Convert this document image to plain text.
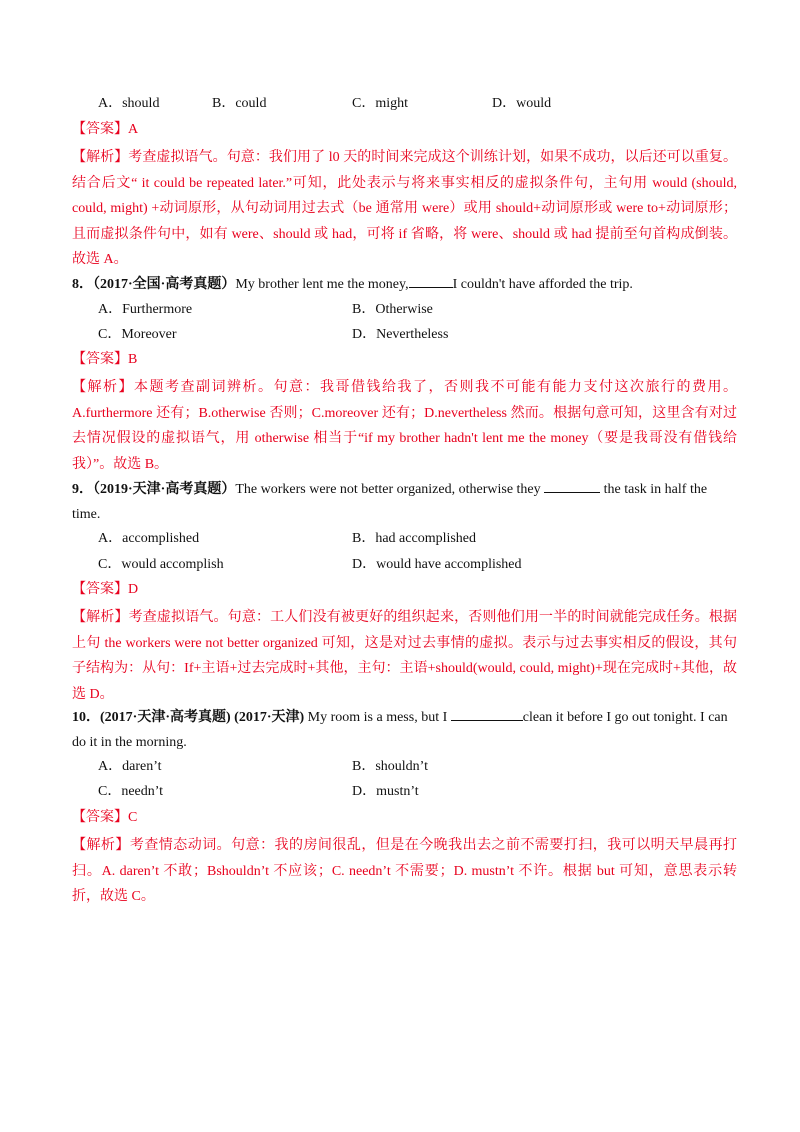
A．should	B．could	C．might	D．would
【答案】A
【解析】考查虚拟语气。句意：我们用了 l0 天的时间来完成这个训练计划，如果不成功，以后还可以重复。结合后文“ it could be repeated later.”可知，此处表示与将来事实相反的虚拟条件句，主句用 would (should, could, might) +动词原形，从句动词用过去式（be 通常用 were）或用 should+动词原形或 were to+动词原形；且而虚拟条件句中，如有 were、should 或 had，可将 if 省略，将 were、should 或 had 提前至句首构成倒装。故选 A。
8．（2017·全国·高考真题）My brother lent me the money,	I couldn't have afforded the trip.
A．Furthermore	B．Otherwise
C．Moreover	D．Nevertheless
【答案】B
【解析】本题考查副词辨析。句意：我哥借钱给我了，否则我不可能有能力支付这次旅行的费用。A.furthermore 还有；B.otherwise 否则；C.moreover 还有；D.nevertheless 然而。根据句意可知，这里含有对过去情况假设的虚拟语气，用 otherwise 相当于“if my brother hadn't lent me the money（要是我哥没有借钱给我）”。故选 B。
9．（2019·天津·高考真题）The workers were not better organized, otherwise they	the task in half the time.
A．accomplished	B．had accomplished
C．would accomplish	D．would have accomplished
【答案】D
【解析】考查虚拟语气。句意：工人们没有被更好的组织起来，否则他们用一半的时间就能完成任务。根据上句 the workers were not better organized 可知，这是对过去事情的虚拟。表示与过去事实相反的假设，其句子结构为：从句：If+主语+过去完成时+其他，主句：主语+should(would, could, might)+现在完成时+其他，故选 D。
10．(2017·天津·高考真题) (2017·天津) My room is a mess, but I	clean it before I go out tonight. I can do it in the morning.
A．daren’t	B．shouldn’t
C．needn’t	D．mustn’t
【答案】C
【解析】考查情态动词。句意：我的房间很乱，但是在今晚我出去之前不需要打扫，我可以明天早晨再打扫。A. daren’t 不敢；Bshouldn’t 不应该；C. needn’t 不需要；D. mustn’t 不许。根据 but 可知，意思表示转折，故选 C。
